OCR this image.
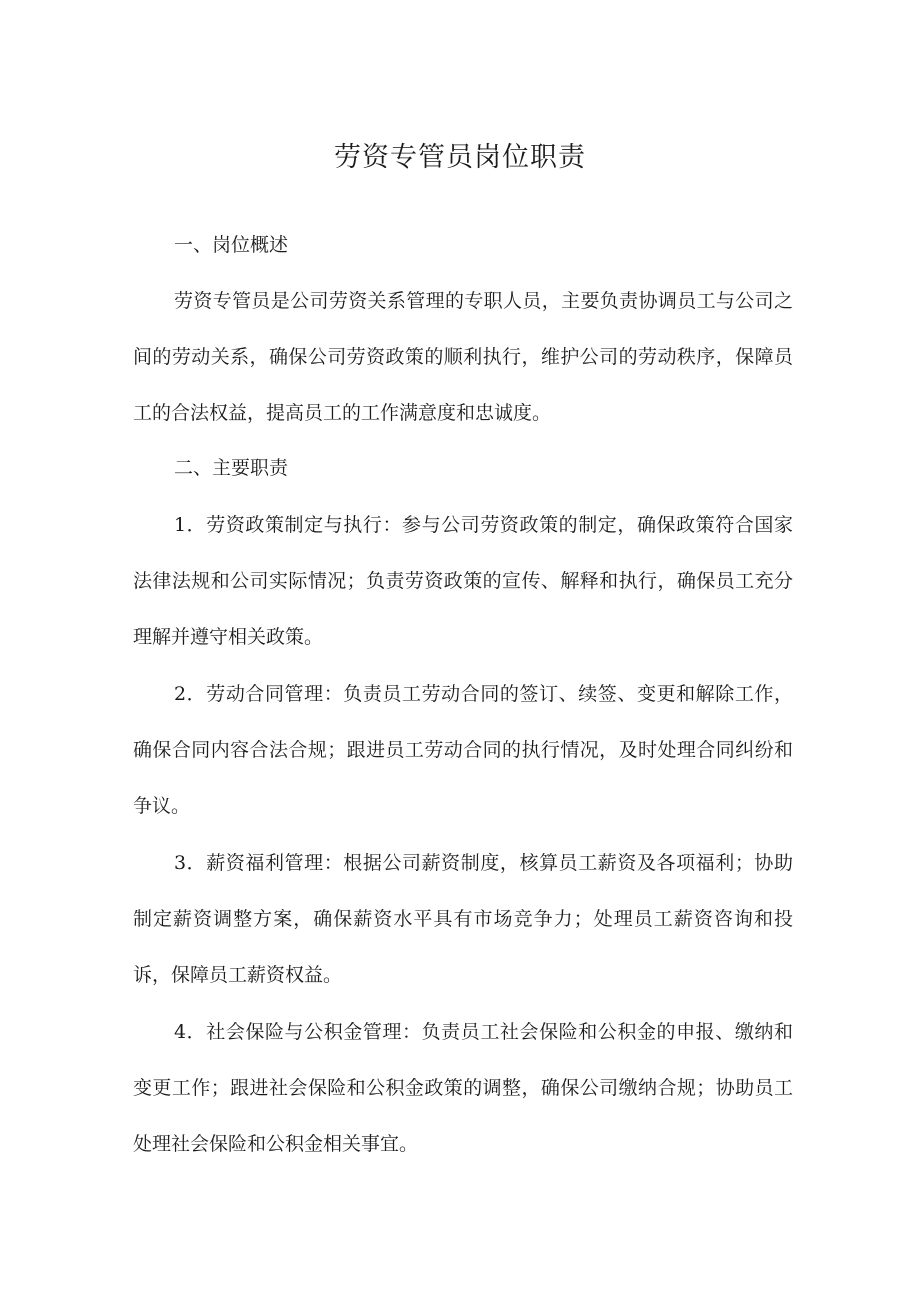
劳资专管员岗位职责
一、岗位概述

劳资专管员是公司劳资关系管理的专职人员，主要负责协调员工与公司之间的劳动关系，确保公司劳资政策的顺利执行，维护公司的劳动秩序，保障员工的合法权益，提高员工的工作满意度和忠诚度。

二、主要职责

1．劳资政策制定与执行：参与公司劳资政策的制定，确保政策符合国家法律法规和公司实际情况；负责劳资政策的宣传、解释和执行，确保员工充分理解并遵守相关政策。

2．劳动合同管理：负责员工劳动合同的签订、续签、变更和解除工作，确保合同内容合法合规；跟进员工劳动合同的执行情况，及时处理合同纠纷和争议。

3．薪资福利管理：根据公司薪资制度，核算员工薪资及各项福利；协助制定薪资调整方案，确保薪资水平具有市场竞争力；处理员工薪资咨询和投诉，保障员工薪资权益。

4．社会保险与公积金管理：负责员工社会保险和公积金的申报、缴纳和变更工作；跟进社会保险和公积金政策的调整，确保公司缴纳合规；协助员工处理社会保险和公积金相关事宜。
